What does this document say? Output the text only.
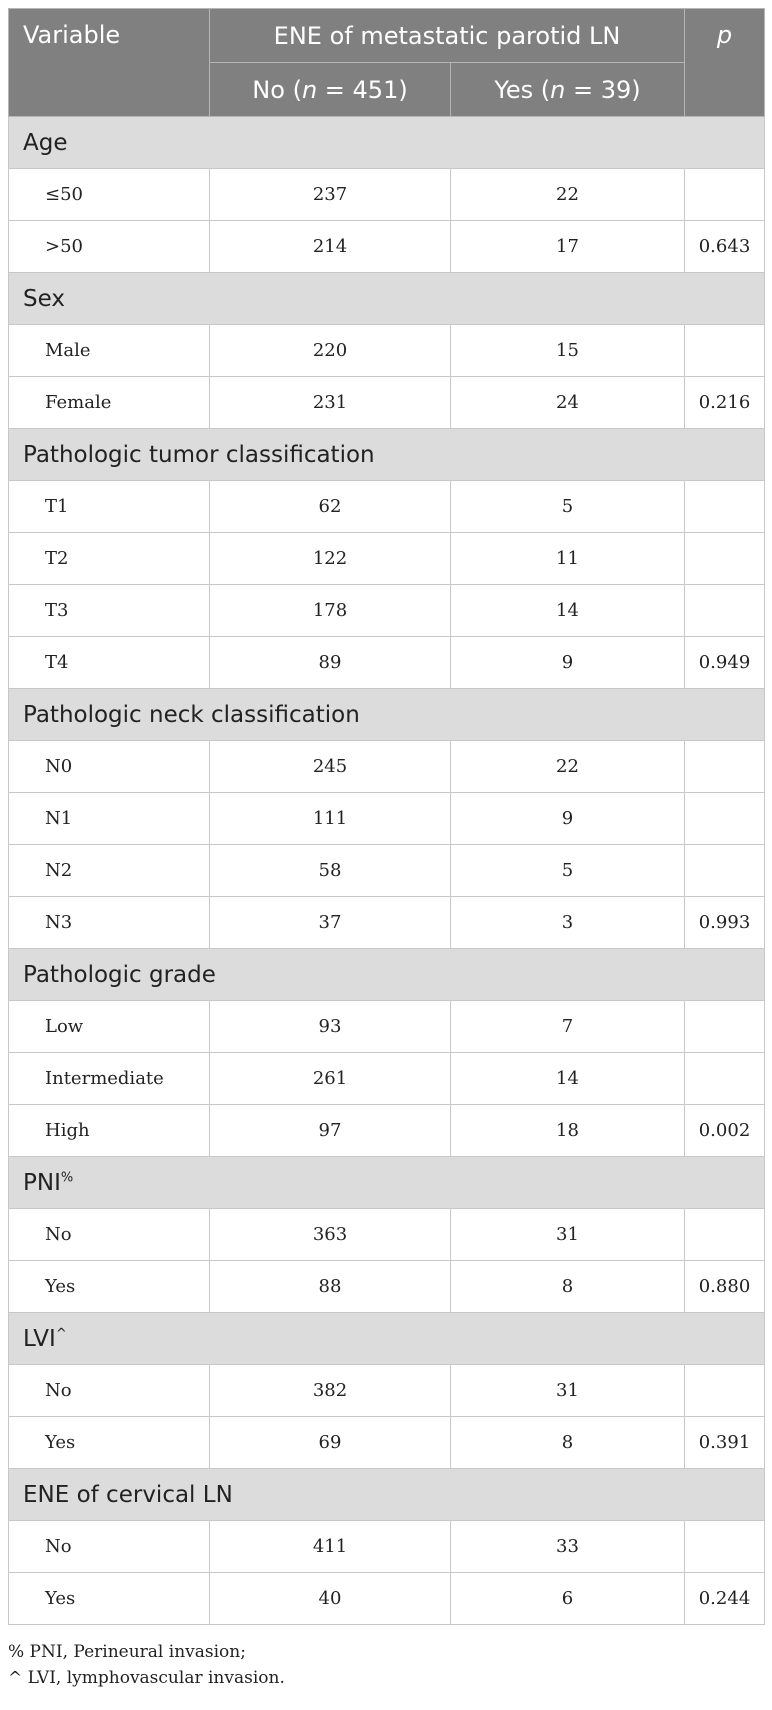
Variable	ENE of metastatic parotid LN		p
	No (n = 451)	Yes (n = 39)	
Age			
≤50	237	22	
>50	214	17	0.643
Sex			
Male	220	15	
Female	231	24	0.216
Pathologic tumor classification			
T1	62	5	
T2	122	11	
T3	178	14	
T4	89	9	0.949
Pathologic neck classification			
N0	245	22	
N1	111	9	
N2	58	5	
N3	37	3	0.993
Pathologic grade			
Low	93	7	
Intermediate	261	14	
High	97	18	0.002
PNI%
No	363	31	
Yes	88	8	0.880
LVI^
No	382	31	
Yes	69	8	0.391
ENE of cervical LN			
No	411	33	
Yes	40	6	0.244
% PNI, Perineural invasion;
^ LVI, lymphovascular invasion.
